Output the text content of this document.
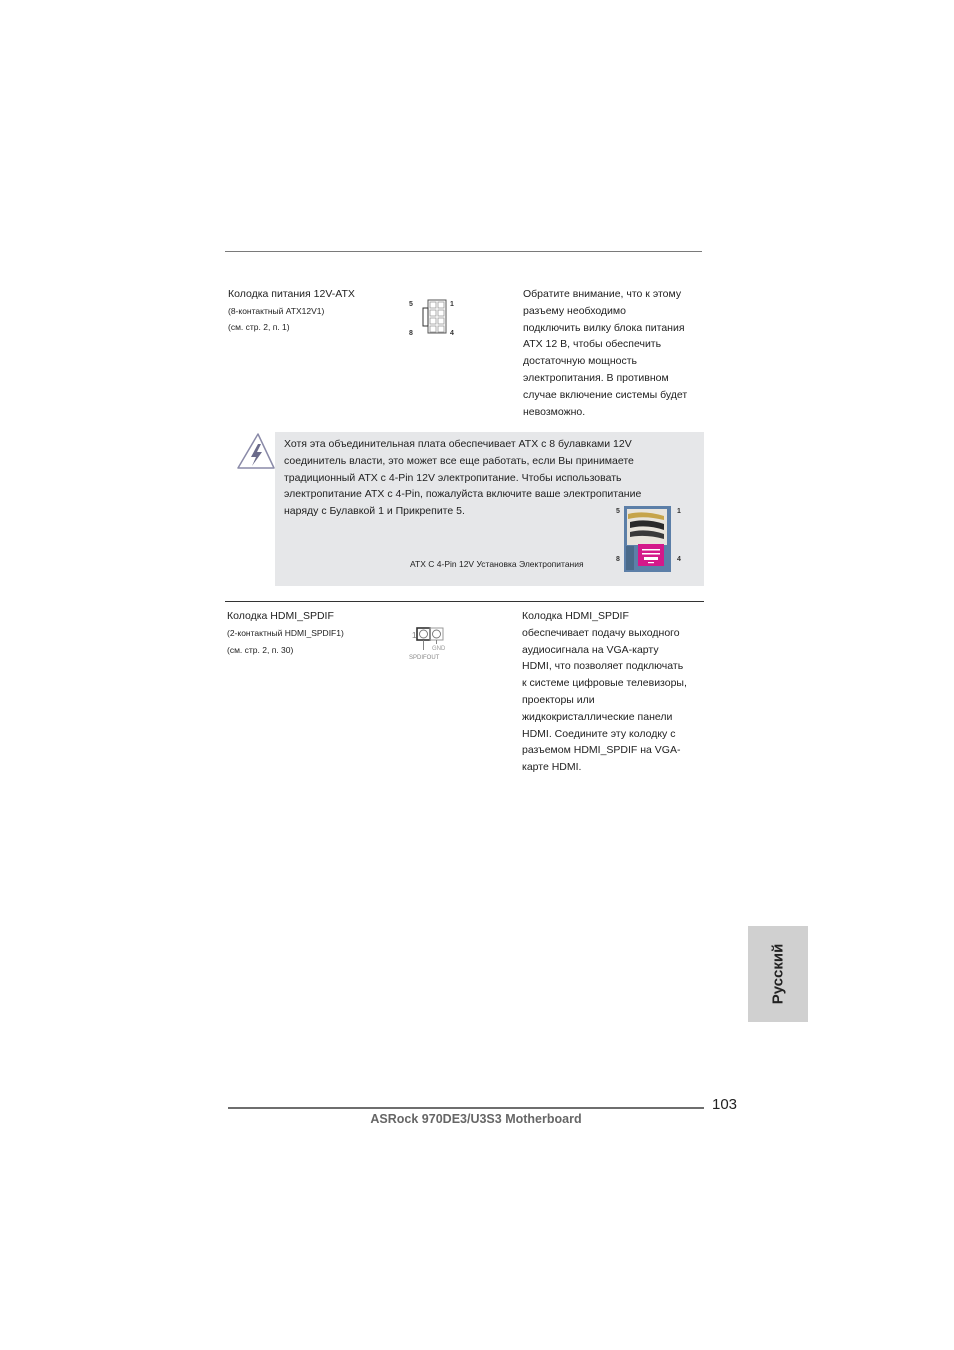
Колодка питания 12V-ATX
(8-контактный ATX12V1)
(см. стр. 2, п. 1)
5	1
8	4
Обратите внимание, что к этому
разъему необходимо
подключить вилку блока питания
ATX 12 В, чтобы обеспечить
достаточную мощность
электропитания. В противном
случае включение системы будет
невозможно.
Хотя эта объединительная плата обеспечивает ATX с 8 булавками 12V
соединитель власти, это может все еще работать, если Вы принимаете
традиционный ATX с 4-Pin 12V электропитание. Чтобы использовать
электропитание ATX с 4-Pin, пожалуйста включите ваше электропитание
наряду с Булавкой 1 и Прикрепите 5.
ATX С 4-Pin 12V Установка Электропитания
5	1
8	4
Колодка HDMI_SPDIF
(2-контактный HDMI_SPDIF1)
(см. стр. 2, п. 30)
1
GND
SPDIFOUT
Колодка HDMI_SPDIF
обеспечивает подачу выходного
аудиосигнала на VGA-карту
HDMI, что позволяет подключать
к системе цифровые телевизоры,
проекторы или
жидкокристаллические панели
HDMI. Соедините эту колодку с
разъемом HDMI_SPDIF на VGA-
карте HDMI.
Русский
103
ASRock 970DE3/U3S3 Motherboard
